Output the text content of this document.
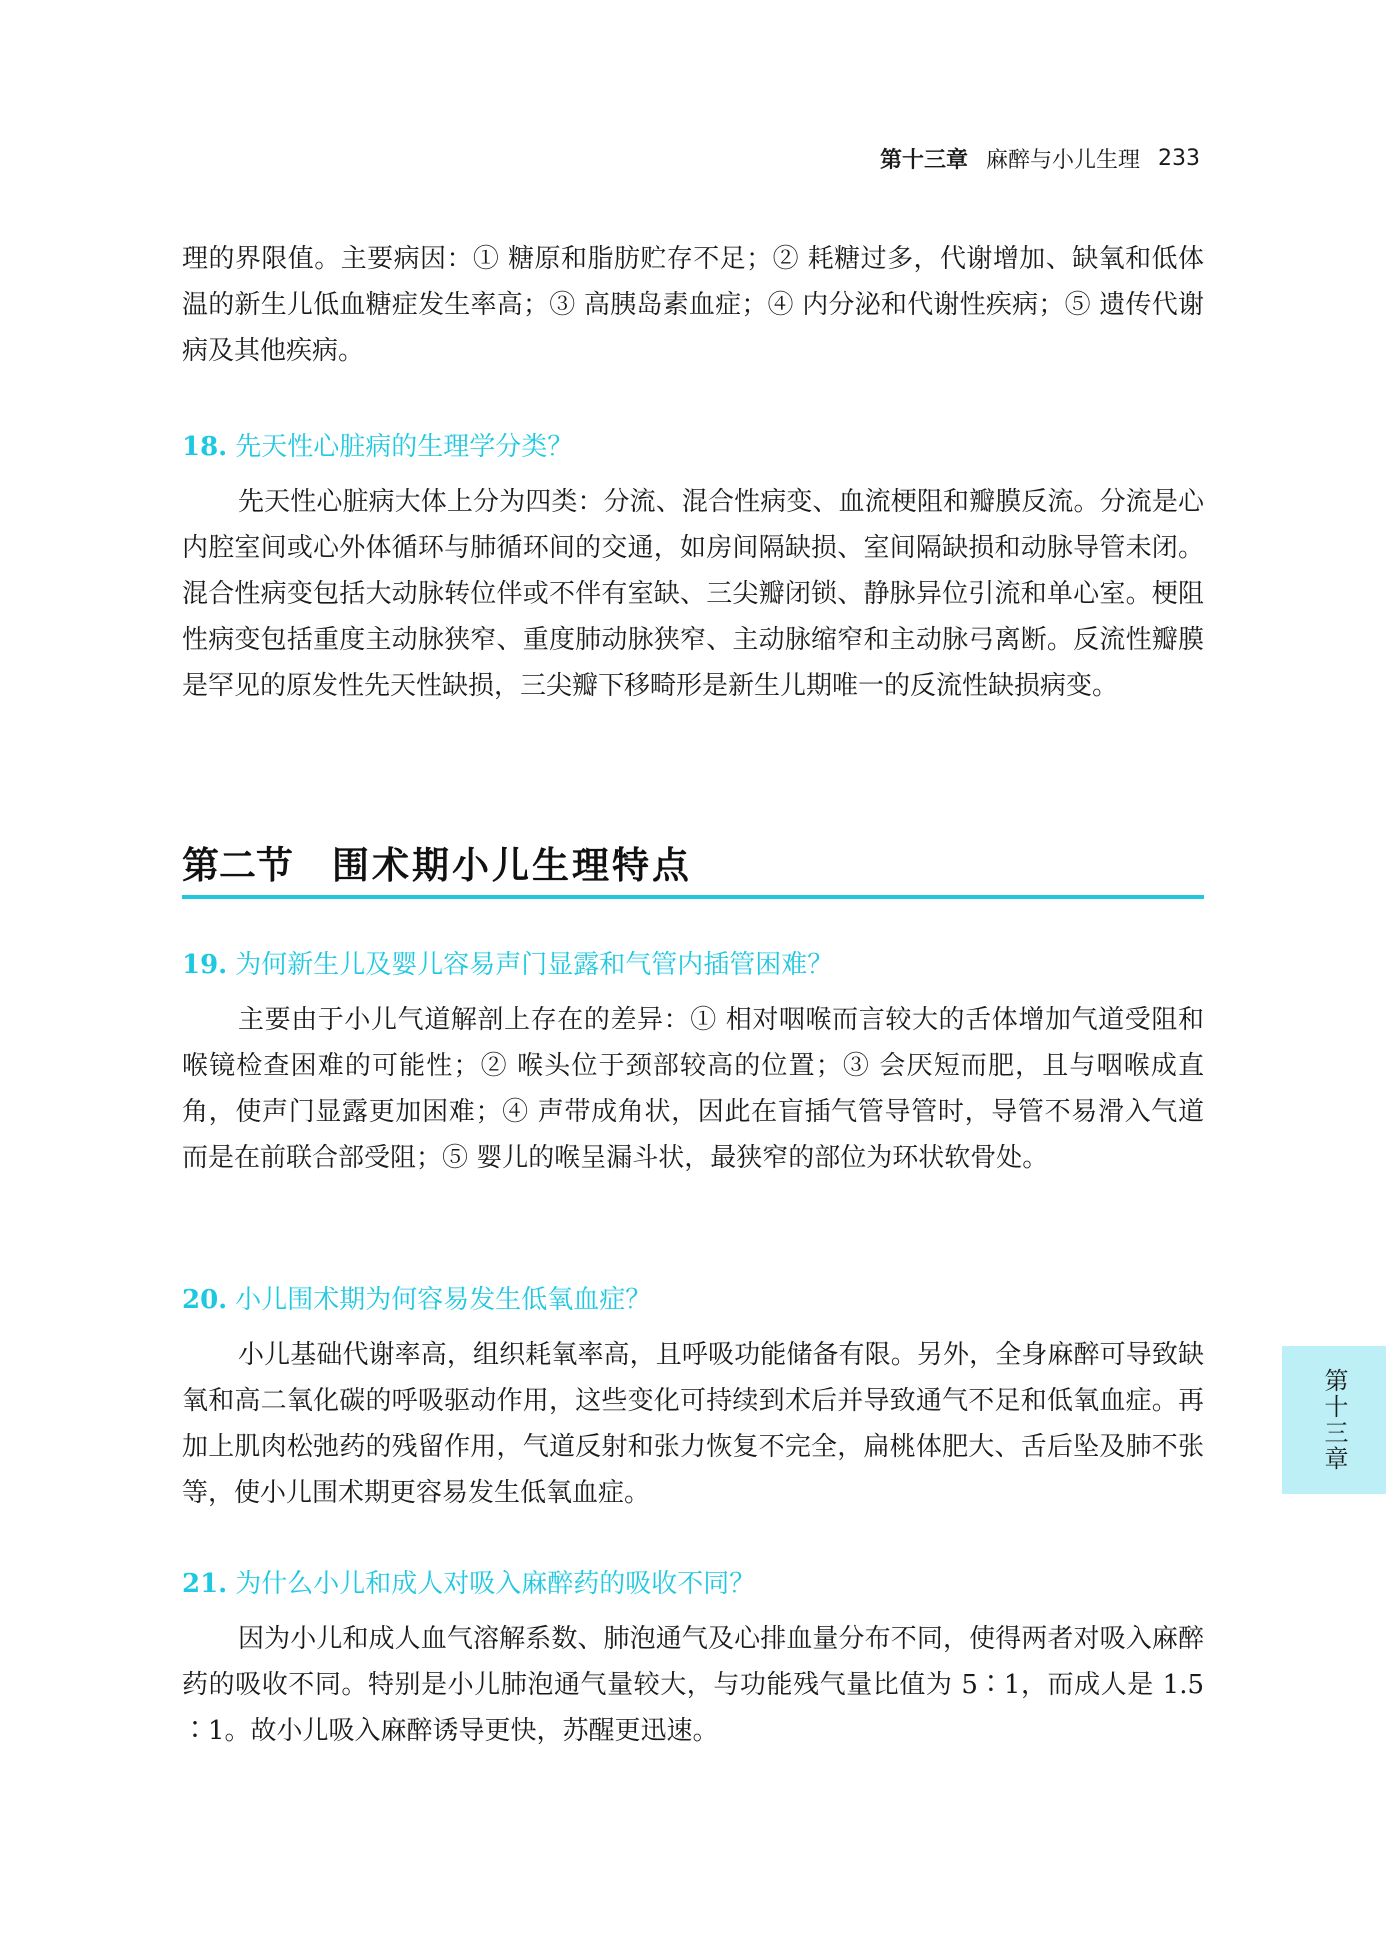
第十三章 麻醉与小儿生理 233

理的界限值。主要病因：① 糖原和脂肪贮存不足；② 耗糖过多，代谢增加、缺氧和低体温的新生儿低血糖症发生率高；③ 高胰岛素血症；④ 内分泌和代谢性疾病；⑤ 遗传代谢病及其他疾病。

18. 先天性心脏病的生理学分类？

先天性心脏病大体上分为四类：分流、混合性病变、血流梗阻和瓣膜反流。分流是心内腔室间或心外体循环与肺循环间的交通，如房间隔缺损、室间隔缺损和动脉导管未闭。混合性病变包括大动脉转位伴或不伴有室缺、三尖瓣闭锁、静脉异位引流和单心室。梗阻性病变包括重度主动脉狭窄、重度肺动脉狭窄、主动脉缩窄和主动脉弓离断。反流性瓣膜是罕见的原发性先天性缺损，三尖瓣下移畸形是新生儿期唯一的反流性缺损病变。

第二节 围术期小儿生理特点

19. 为何新生儿及婴儿容易声门显露和气管内插管困难？

主要由于小儿气道解剖上存在的差异：① 相对咽喉而言较大的舌体增加气道受阻和喉镜检查困难的可能性；② 喉头位于颈部较高的位置；③ 会厌短而肥，且与咽喉成直角，使声门显露更加困难；④ 声带成角状，因此在盲插气管导管时，导管不易滑入气道而是在前联合部受阻；⑤ 婴儿的喉呈漏斗状，最狭窄的部位为环状软骨处。

20. 小儿围术期为何容易发生低氧血症？

小儿基础代谢率高，组织耗氧率高，且呼吸功能储备有限。另外，全身麻醉可导致缺氧和高二氧化碳的呼吸驱动作用，这些变化可持续到术后并导致通气不足和低氧血症。再加上肌肉松弛药的残留作用，气道反射和张力恢复不完全，扁桃体肥大、舌后坠及肺不张等，使小儿围术期更容易发生低氧血症。

21. 为什么小儿和成人对吸入麻醉药的吸收不同？

因为小儿和成人血气溶解系数、肺泡通气及心排血量分布不同，使得两者对吸入麻醉药的吸收不同。特别是小儿肺泡通气量较大，与功能残气量比值为 5∶1，而成人是 1.5∶1。故小儿吸入麻醉诱导更快，苏醒更迅速。

第十三章
